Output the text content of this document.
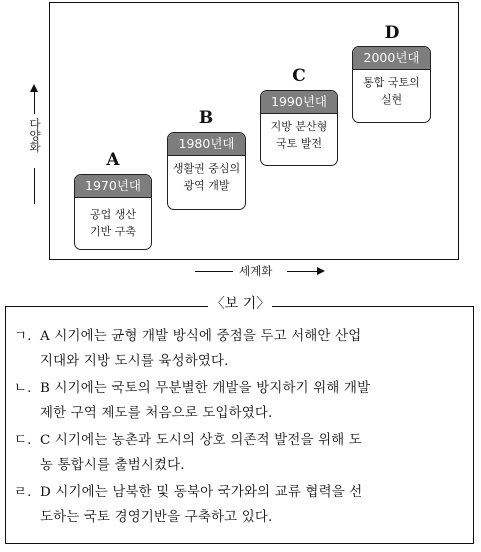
A
1970년대
공업 생산
기반 구축
B
1980년대
생활권 중심의
광역 개발
C
1990년대
지방 분산형
국토 발전
D
2000년대
통합 국토의
실현
세계화
다양화
〈보 기〉
ㄱ. A 시기에는 균형 개발 방식에 중점을 두고 서해안 산업
지대와 지방 도시를 육성하였다.
ㄴ. B 시기에는 국토의 무분별한 개발을 방지하기 위해 개발
제한 구역 제도를 처음으로 도입하였다.
ㄷ. C 시기에는 농촌과 도시의 상호 의존적 발전을 위해 도
농 통합시를 출범시켰다.
ㄹ. D 시기에는 남북한 및 동북아 국가와의 교류 협력을 선
도하는 국토 경영기반을 구축하고 있다.
